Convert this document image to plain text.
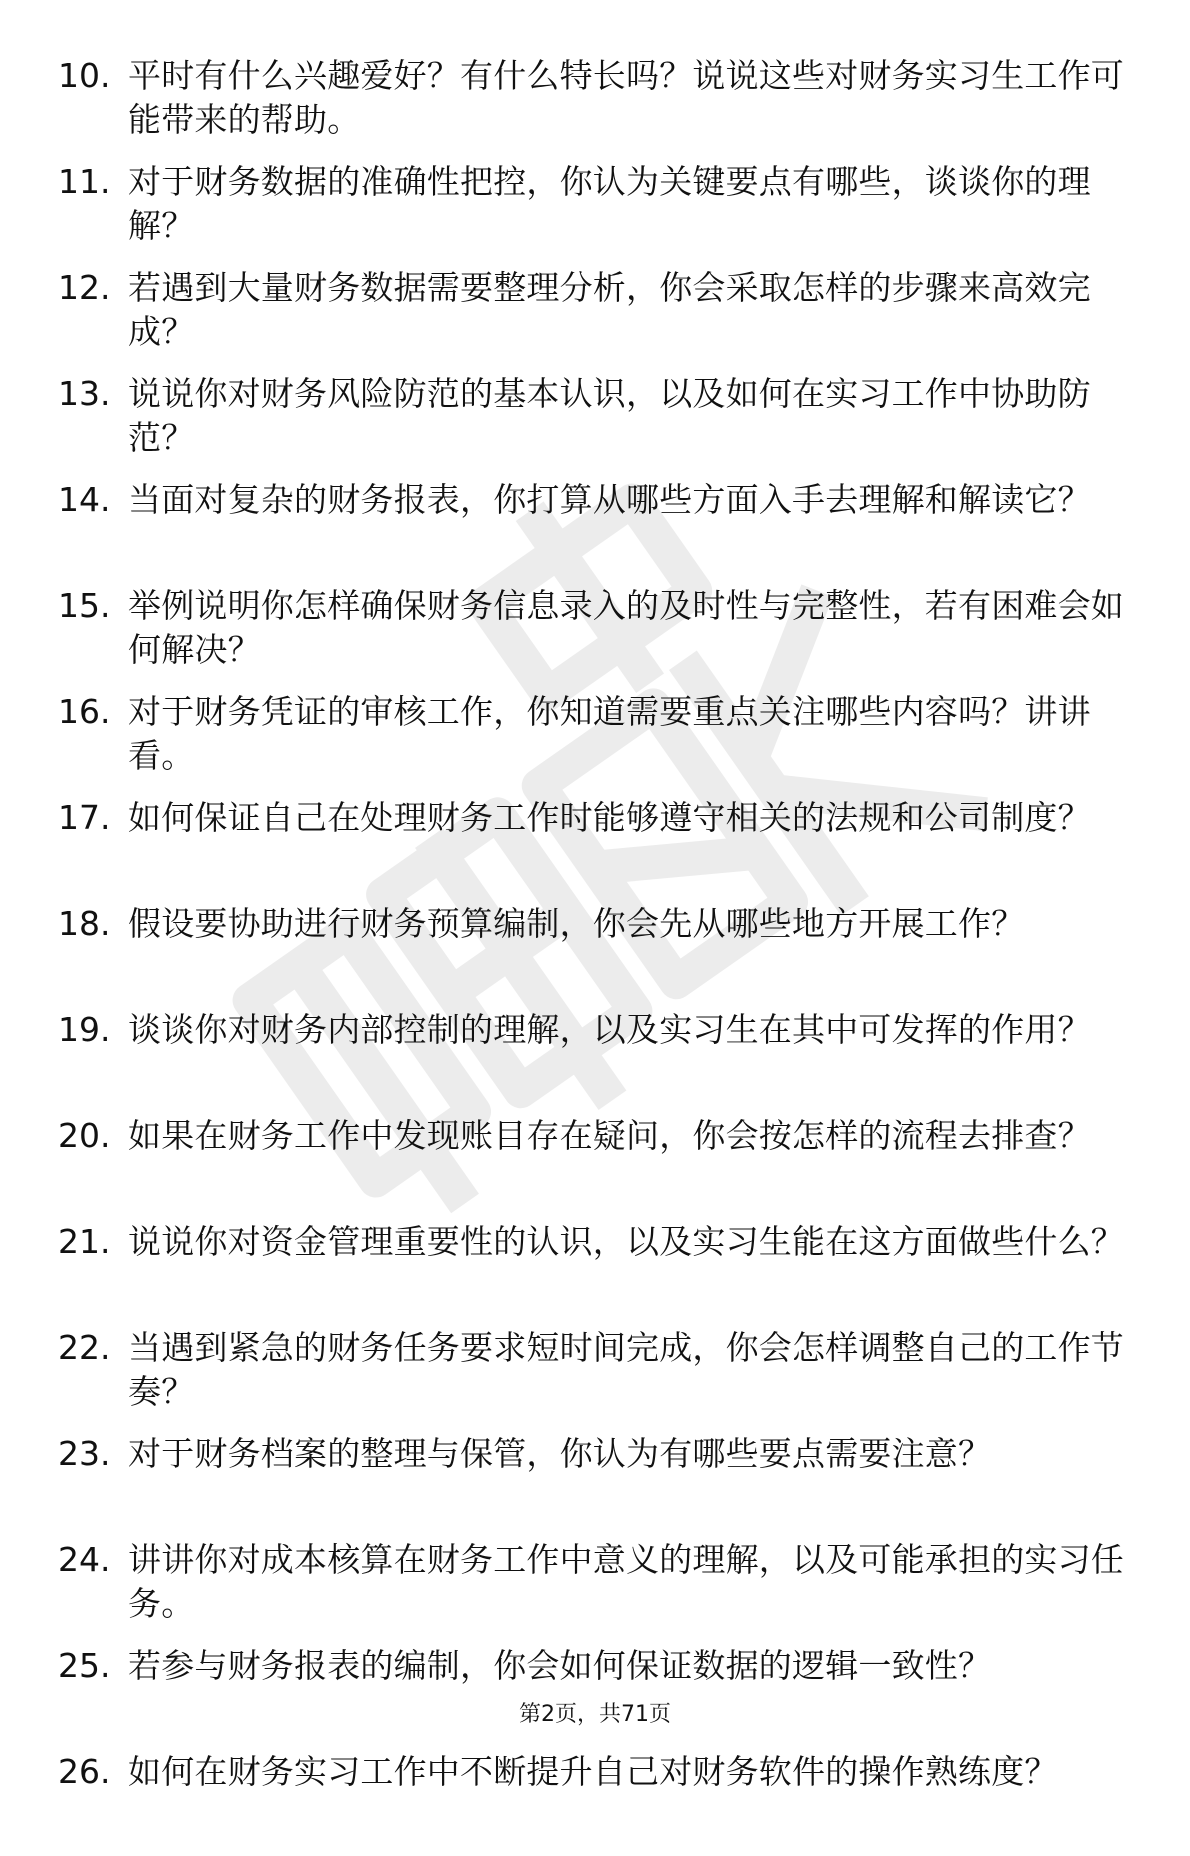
10. 平时有什么兴趣爱好？有什么特长吗？说说这些对财务实习生工作可能带来的帮助。
11. 对于财务数据的准确性把控，你认为关键要点有哪些，谈谈你的理解？
12. 若遇到大量财务数据需要整理分析，你会采取怎样的步骤来高效完成？
13. 说说你对财务风险防范的基本认识，以及如何在实习工作中协助防范？
14. 当面对复杂的财务报表，你打算从哪些方面入手去理解和解读它？
15. 举例说明你怎样确保财务信息录入的及时性与完整性，若有困难会如何解决？
16. 对于财务凭证的审核工作，你知道需要重点关注哪些内容吗？讲讲看。
17. 如何保证自己在处理财务工作时能够遵守相关的法规和公司制度？
18. 假设要协助进行财务预算编制，你会先从哪些地方开展工作？
19. 谈谈你对财务内部控制的理解，以及实习生在其中可发挥的作用？
20. 如果在财务工作中发现账目存在疑问，你会按怎样的流程去排查？
21. 说说你对资金管理重要性的认识，以及实习生能在这方面做些什么？
22. 当遇到紧急的财务任务要求短时间完成，你会怎样调整自己的工作节奏？
23. 对于财务档案的整理与保管，你认为有哪些要点需要注意？
24. 讲讲你对成本核算在财务工作中意义的理解，以及可能承担的实习任务。
25. 若参与财务报表的编制，你会如何保证数据的逻辑一致性？
26. 如何在财务实习工作中不断提升自己对财务软件的操作熟练度？
第2页，共71页
